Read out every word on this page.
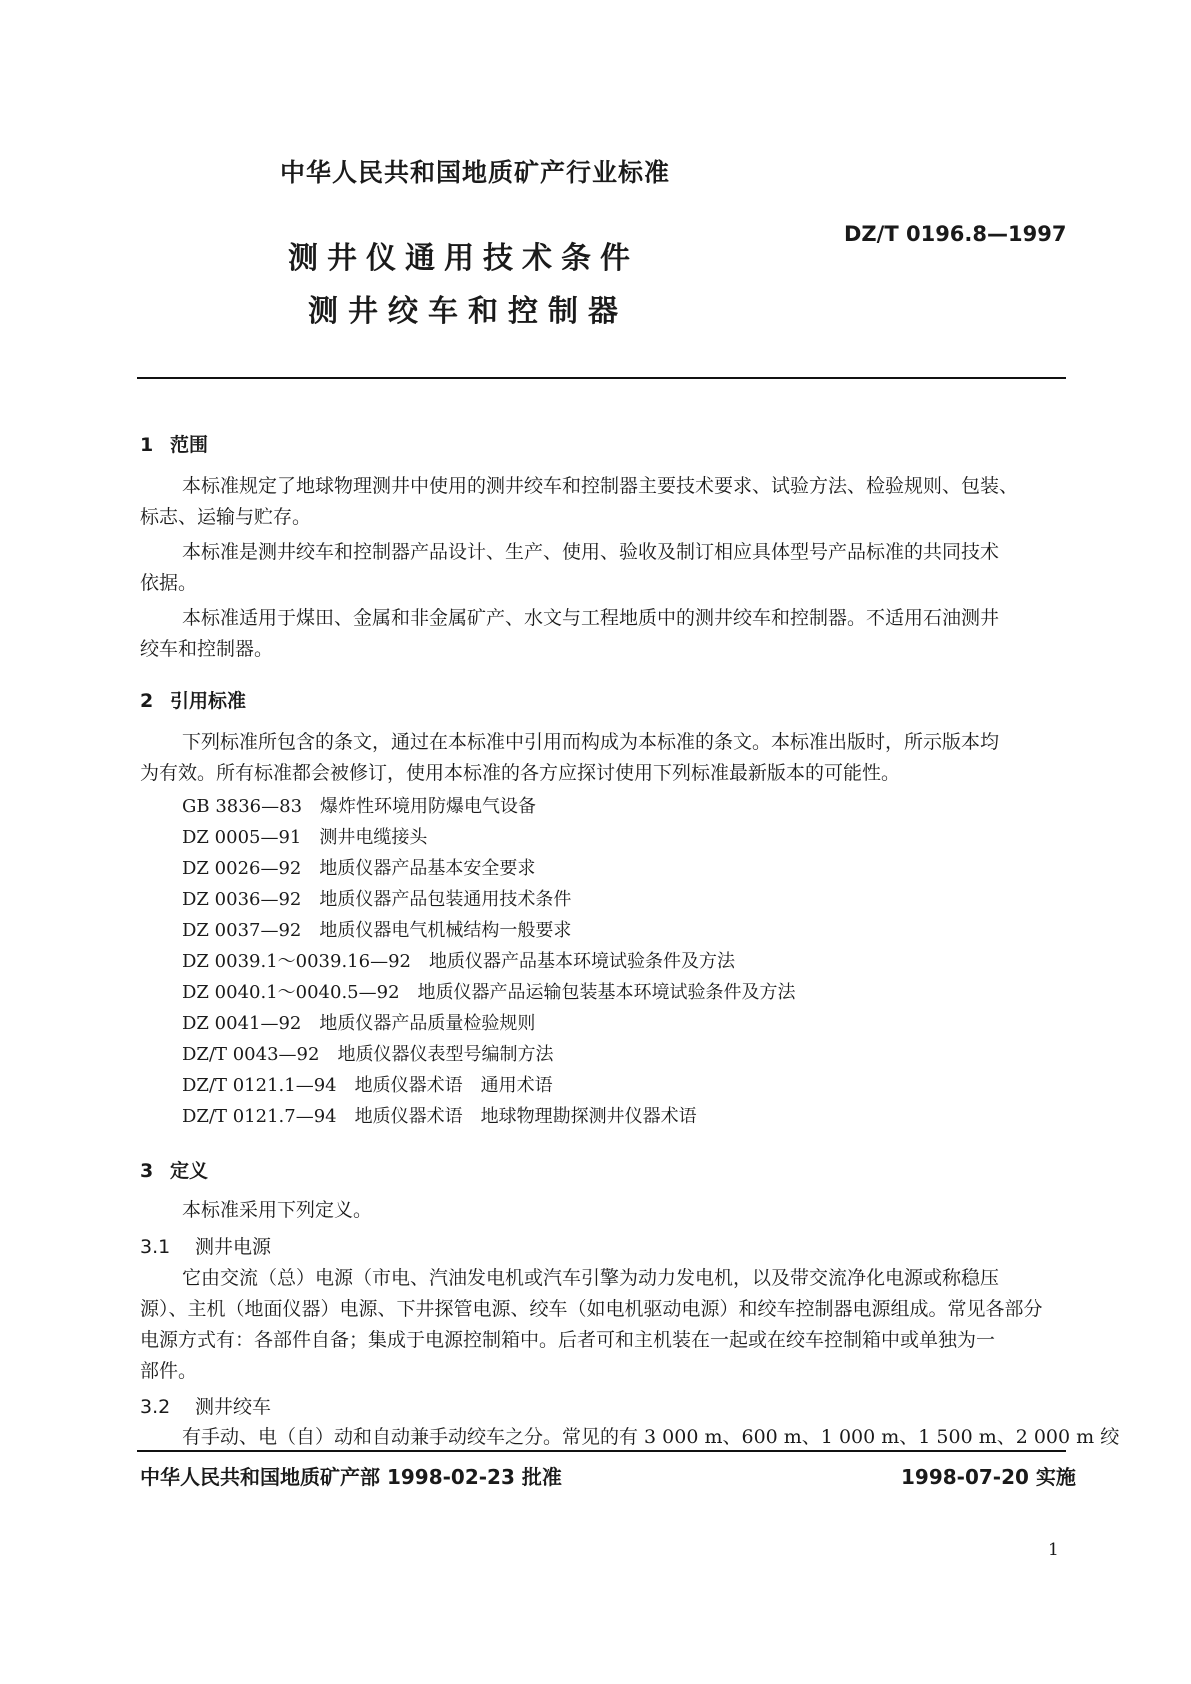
中华人民共和国地质矿产行业标准
DZ/T 0196.8—1997
测井仪通用技术条件
测井绞车和控制器
1 范围
本标准规定了地球物理测井中使用的测井绞车和控制器主要技术要求、试验方法、检验规则、包装、
标志、运输与贮存。
本标准是测井绞车和控制器产品设计、生产、使用、验收及制订相应具体型号产品标准的共同技术
依据。
本标准适用于煤田、金属和非金属矿产、水文与工程地质中的测井绞车和控制器。不适用石油测井
绞车和控制器。
2 引用标准
下列标准所包含的条文，通过在本标准中引用而构成为本标准的条文。本标准出版时，所示版本均
为有效。所有标准都会被修订，使用本标准的各方应探讨使用下列标准最新版本的可能性。
GB 3836—83 爆炸性环境用防爆电气设备
DZ 0005—91 测井电缆接头
DZ 0026—92 地质仪器产品基本安全要求
DZ 0036—92 地质仪器产品包装通用技术条件
DZ 0037—92 地质仪器电气机械结构一般要求
DZ 0039.1～0039.16—92 地质仪器产品基本环境试验条件及方法
DZ 0040.1～0040.5—92 地质仪器产品运输包装基本环境试验条件及方法
DZ 0041—92 地质仪器产品质量检验规则
DZ/T 0043—92 地质仪器仪表型号编制方法
DZ/T 0121.1—94 地质仪器术语　通用术语
DZ/T 0121.7—94 地质仪器术语　地球物理勘探测井仪器术语
3 定义
本标准采用下列定义。
3.1 测井电源
它由交流（总）电源（市电、汽油发电机或汽车引擎为动力发电机，以及带交流净化电源或称稳压
源）、主机（地面仪器）电源、下井探管电源、绞车（如电机驱动电源）和绞车控制器电源组成。常见各部分
电源方式有：各部件自备；集成于电源控制箱中。后者可和主机装在一起或在绞车控制箱中或单独为一
部件。
3.2 测井绞车
有手动、电（自）动和自动兼手动绞车之分。常见的有 3 000 m、600 m、1 000 m、1 500 m、2 000 m 绞
中华人民共和国地质矿产部 1998-02-23 批准	1998-07-20 实施
1
